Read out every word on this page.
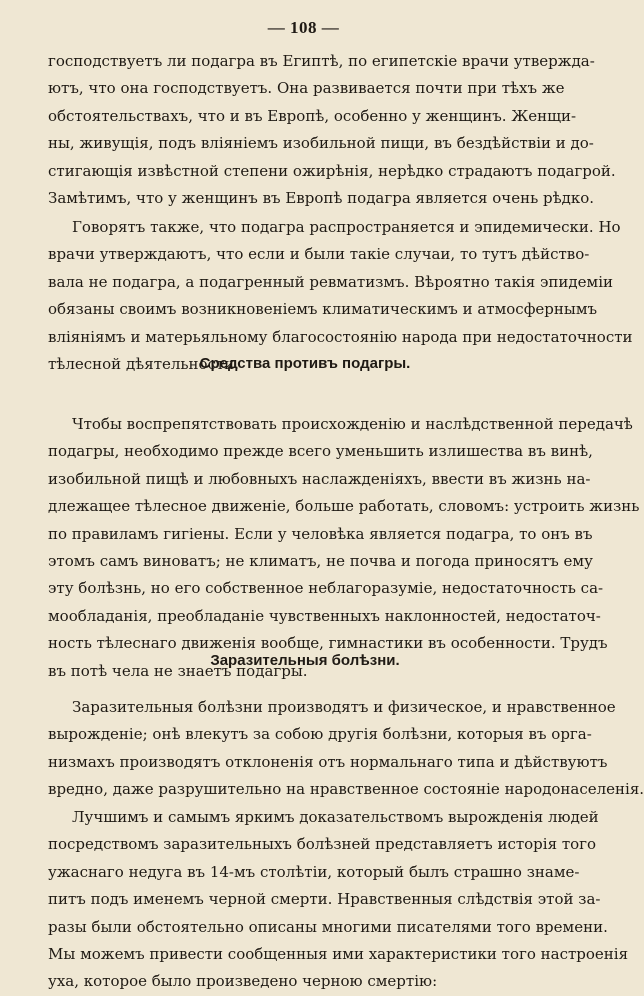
— 108 —
господствуетъ ли подагра въ Египтѣ, по египетскіе врачи утвержда-
ютъ, что она господствуетъ. Она развивается почти при тѣхъ же
обстоятельствахъ, что и въ Европѣ, особенно у женщинъ. Женщи-
ны, живущія, подъ вліяніемъ изобильной пищи, въ бездѣйствіи и до-
стигающія извѣстной степени ожирѣнія, нерѣдко страдаютъ подагрой.
Замѣтимъ, что у женщинъ въ Европѣ подагра является очень рѣдко.
Говорятъ также, что подагра распространяется и эпидемически. Но
врачи утверждаютъ, что если и были такіе случаи, то тутъ дѣйство-
вала не подагра, а подагренный ревматизмъ. Вѣроятно такія эпидеміи
обязаны своимъ возникновеніемъ климатическимъ и атмосфернымъ
вліяніямъ и матерьяльному благосостоянію народа при недостаточности
тѣлесной дѣятельности.
Средства противъ подагры.
Чтобы воспрепятствовать происхожденію и наслѣдственной передачѣ
подагры, необходимо прежде всего уменьшить излишества въ винѣ,
изобильной пищѣ и любовныхъ наслажденіяхъ, ввести въ жизнь на-
длежащее тѣлесное движеніе, больше работать, словомъ: устроить жизнь
по правиламъ гигіены. Если у человѣка является подагра, то онъ въ
этомъ самъ виноватъ; не климатъ, не почва и погода приносятъ ему
эту болѣзнь, но его собственное неблагоразуміе, недостаточность са-
мообладанія, преобладаніе чувственныхъ наклонностей, недостаточ-
ность тѣлеснаго движенія вообще, гимнастики въ особенности. Трудъ
въ потѣ чела не знаетъ подагры.
Заразительныя болѣзни.
Заразительныя болѣзни производятъ и физическое, и нравственное
вырожденіе; онѣ влекутъ за собою другія болѣзни, которыя въ орга-
низмахъ производятъ отклоненія отъ нормальнаго типа и дѣйствуютъ
вредно, даже разрушительно на нравственное состояніе народонаселенія.
Лучшимъ и самымъ яркимъ доказательствомъ вырожденія людей
посредствомъ заразительныхъ болѣзней представляетъ исторія того
ужаснаго недуга въ 14-мъ столѣтіи, который былъ страшно знаме-
питъ подъ именемъ черной смерти. Нравственныя слѣдствія этой за-
разы были обстоятельно описаны многими писателями того времени.
Мы можемъ привести сообщенныя ими характеристики того настроенія
уха, которое было произведено черною смертію:
